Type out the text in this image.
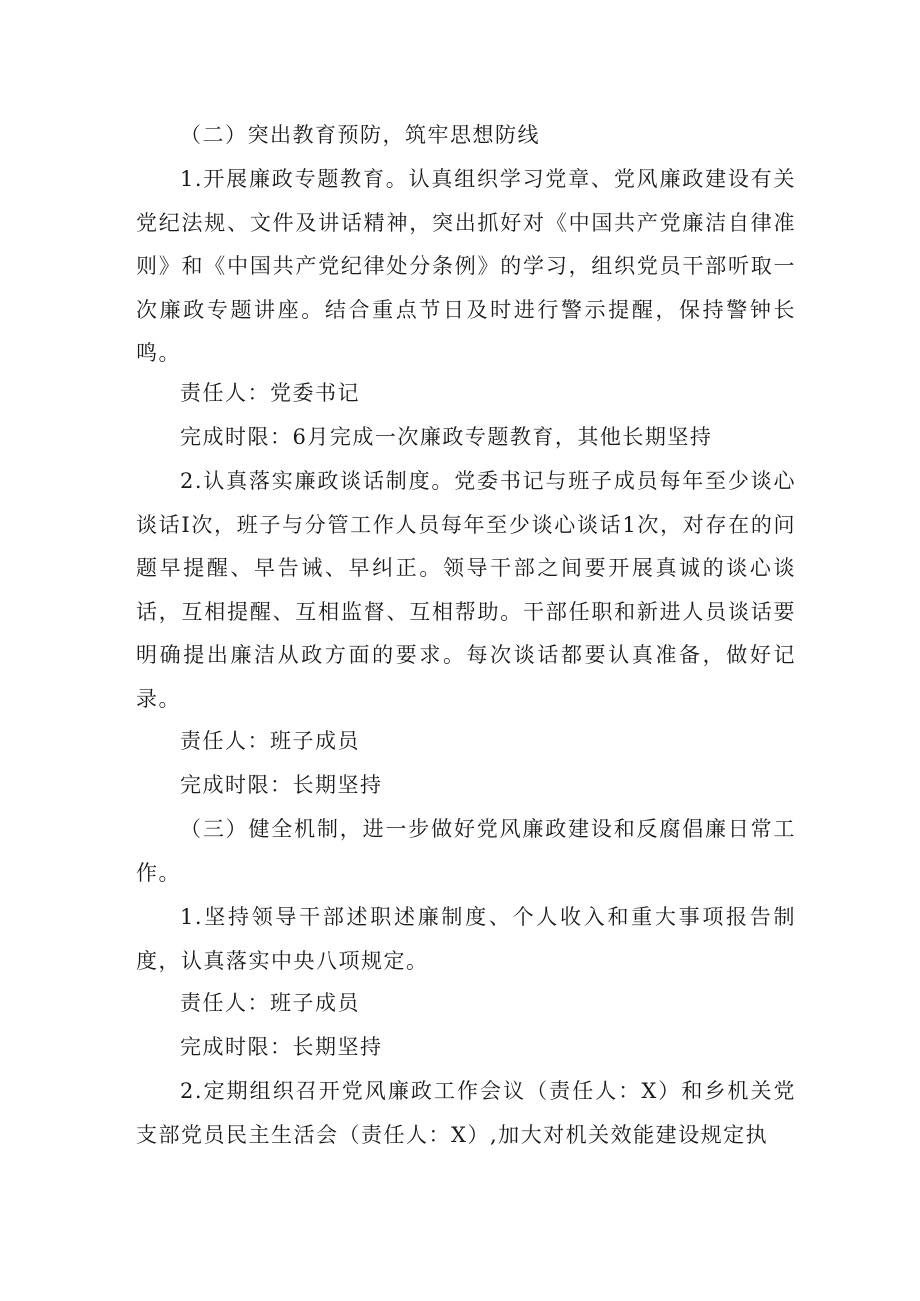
（二）突出教育预防，筑牢思想防线
1.开展廉政专题教育。认真组织学习党章、党风廉政建设有关党纪法规、文件及讲话精神，突出抓好对《中国共产党廉洁自律准则》和《中国共产党纪律处分条例》的学习，组织党员干部听取一次廉政专题讲座。结合重点节日及时进行警示提醒，保持警钟长鸣。
责任人：党委书记
完成时限：6月完成一次廉政专题教育，其他长期坚持
2.认真落实廉政谈话制度。党委书记与班子成员每年至少谈心谈话I次，班子与分管工作人员每年至少谈心谈话1次，对存在的问题早提醒、早告诫、早纠正。领导干部之间要开展真诚的谈心谈话，互相提醒、互相监督、互相帮助。干部任职和新进人员谈话要明确提出廉洁从政方面的要求。每次谈话都要认真准备，做好记录。
责任人：班子成员
完成时限：长期坚持
（三）健全机制，进一步做好党风廉政建设和反腐倡廉日常工作。
1.坚持领导干部述职述廉制度、个人收入和重大事项报告制度，认真落实中央八项规定。
责任人：班子成员
完成时限：长期坚持
2.定期组织召开党风廉政工作会议（责任人：X）和乡机关党支部党员民主生活会（责任人：X）,加大对机关效能建设规定执
